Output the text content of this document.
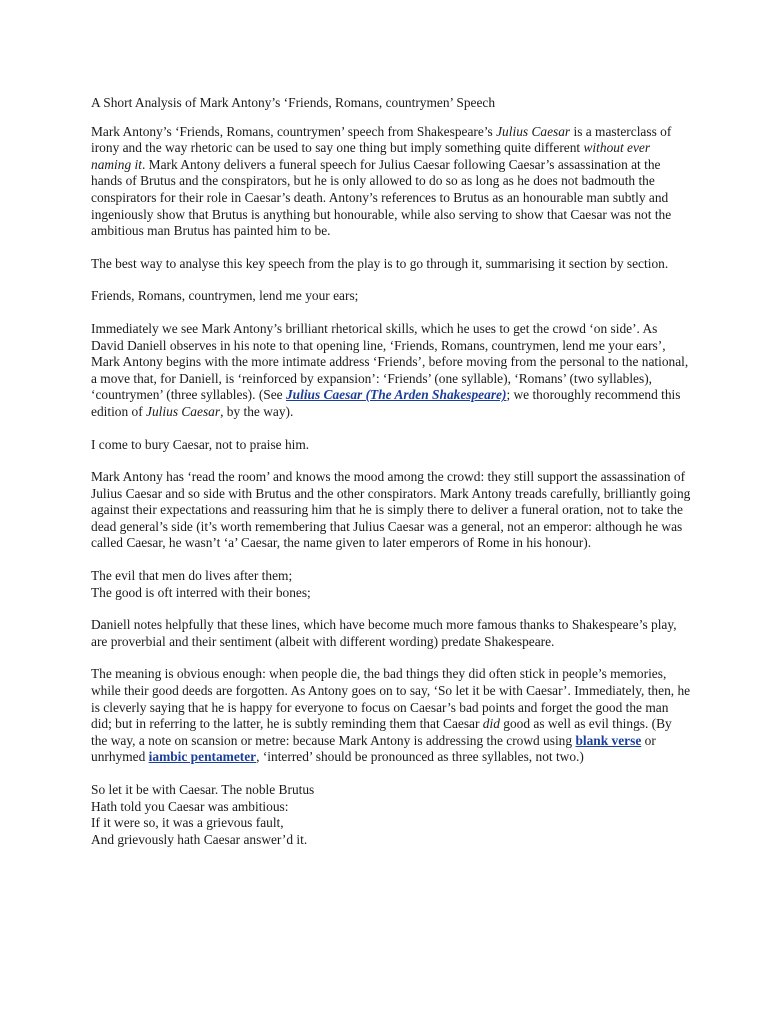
A Short Analysis of Mark Antony’s ‘Friends, Romans, countrymen’ Speech

Mark Antony’s ‘Friends, Romans, countrymen’ speech from Shakespeare’s Julius Caesar is a masterclass of irony and the way rhetoric can be used to say one thing but imply something quite different without ever naming it. Mark Antony delivers a funeral speech for Julius Caesar following Caesar’s assassination at the hands of Brutus and the conspirators, but he is only allowed to do so as long as he does not badmouth the conspirators for their role in Caesar’s death. Antony’s references to Brutus as an honourable man subtly and ingeniously show that Brutus is anything but honourable, while also serving to show that Caesar was not the ambitious man Brutus has painted him to be.

The best way to analyse this key speech from the play is to go through it, summarising it section by section.

Friends, Romans, countrymen, lend me your ears;

Immediately we see Mark Antony’s brilliant rhetorical skills, which he uses to get the crowd ‘on side’. As David Daniell observes in his note to that opening line, ‘Friends, Romans, countrymen, lend me your ears’, Mark Antony begins with the more intimate address ‘Friends’, before moving from the personal to the national, a move that, for Daniell, is ‘reinforced by expansion’: ‘Friends’ (one syllable), ‘Romans’ (two syllables), ‘countrymen’ (three syllables). (See Julius Caesar (The Arden Shakespeare); we thoroughly recommend this edition of Julius Caesar, by the way).

I come to bury Caesar, not to praise him.

Mark Antony has ‘read the room’ and knows the mood among the crowd: they still support the assassination of Julius Caesar and so side with Brutus and the other conspirators. Mark Antony treads carefully, brilliantly going against their expectations and reassuring him that he is simply there to deliver a funeral oration, not to take the dead general’s side (it’s worth remembering that Julius Caesar was a general, not an emperor: although he was called Caesar, he wasn’t ‘a’ Caesar, the name given to later emperors of Rome in his honour).

The evil that men do lives after them;
The good is oft interred with their bones;

Daniell notes helpfully that these lines, which have become much more famous thanks to Shakespeare’s play, are proverbial and their sentiment (albeit with different wording) predate Shakespeare.

The meaning is obvious enough: when people die, the bad things they did often stick in people’s memories, while their good deeds are forgotten. As Antony goes on to say, ‘So let it be with Caesar’. Immediately, then, he is cleverly saying that he is happy for everyone to focus on Caesar’s bad points and forget the good the man did; but in referring to the latter, he is subtly reminding them that Caesar did good as well as evil things. (By the way, a note on scansion or metre: because Mark Antony is addressing the crowd using blank verse or unrhymed iambic pentameter, ‘interred’ should be pronounced as three syllables, not two.)

So let it be with Caesar. The noble Brutus
Hath told you Caesar was ambitious:
If it were so, it was a grievous fault,
And grievously hath Caesar answer’d it.
